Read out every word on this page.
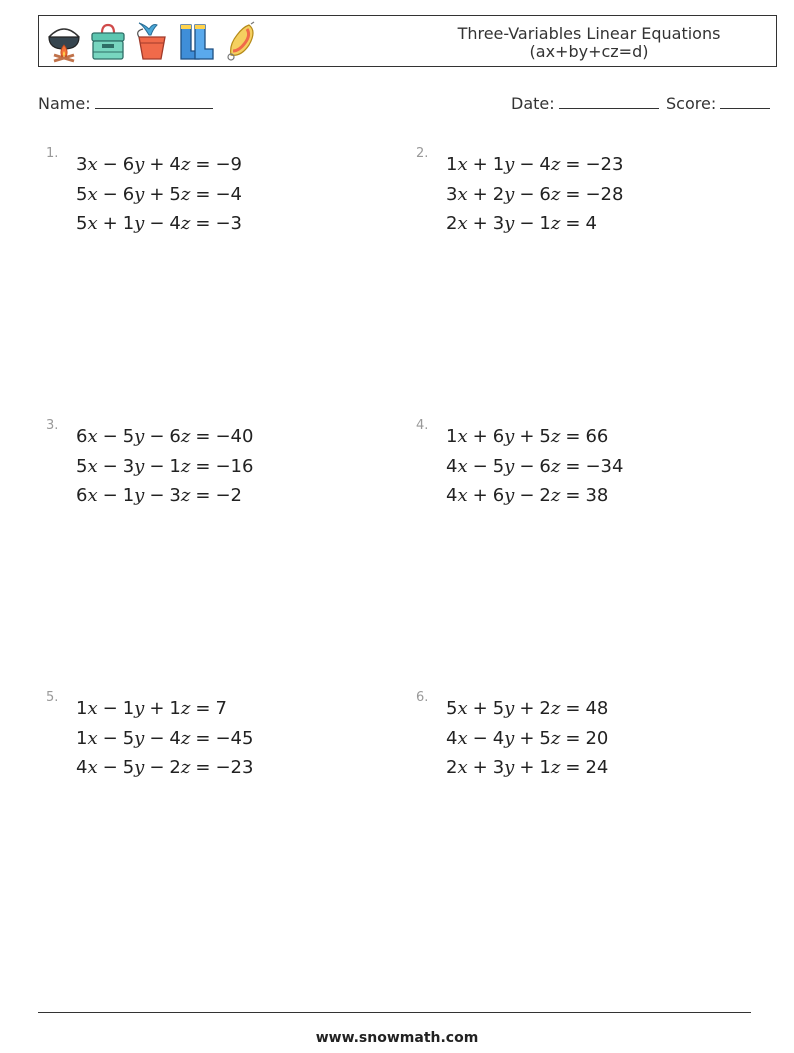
Three-Variables Linear Equations
(ax+by+cz=d)
Name:	Date:	Score:
1.
3x − 6y + 4z	=	−9
5x − 6y + 5z	=	−4
5x + 1y − 4z	=	−3
2.
1x + 1y − 4z	=	−23
3x + 2y − 6z	=	−28
2x + 3y − 1z	=	4
3.
6x − 5y − 6z	=	−40
5x − 3y − 1z	=	−16
6x − 1y − 3z	=	−2
4.
1x + 6y + 5z	=	66
4x − 5y − 6z	=	−34
4x + 6y − 2z	=	38
5.
1x − 1y + 1z	=	7
1x − 5y − 4z	=	−45
4x − 5y − 2z	=	−23
6.
5x + 5y + 2z	=	48
4x − 4y + 5z	=	20
2x + 3y + 1z	=	24
www.snowmath.com
